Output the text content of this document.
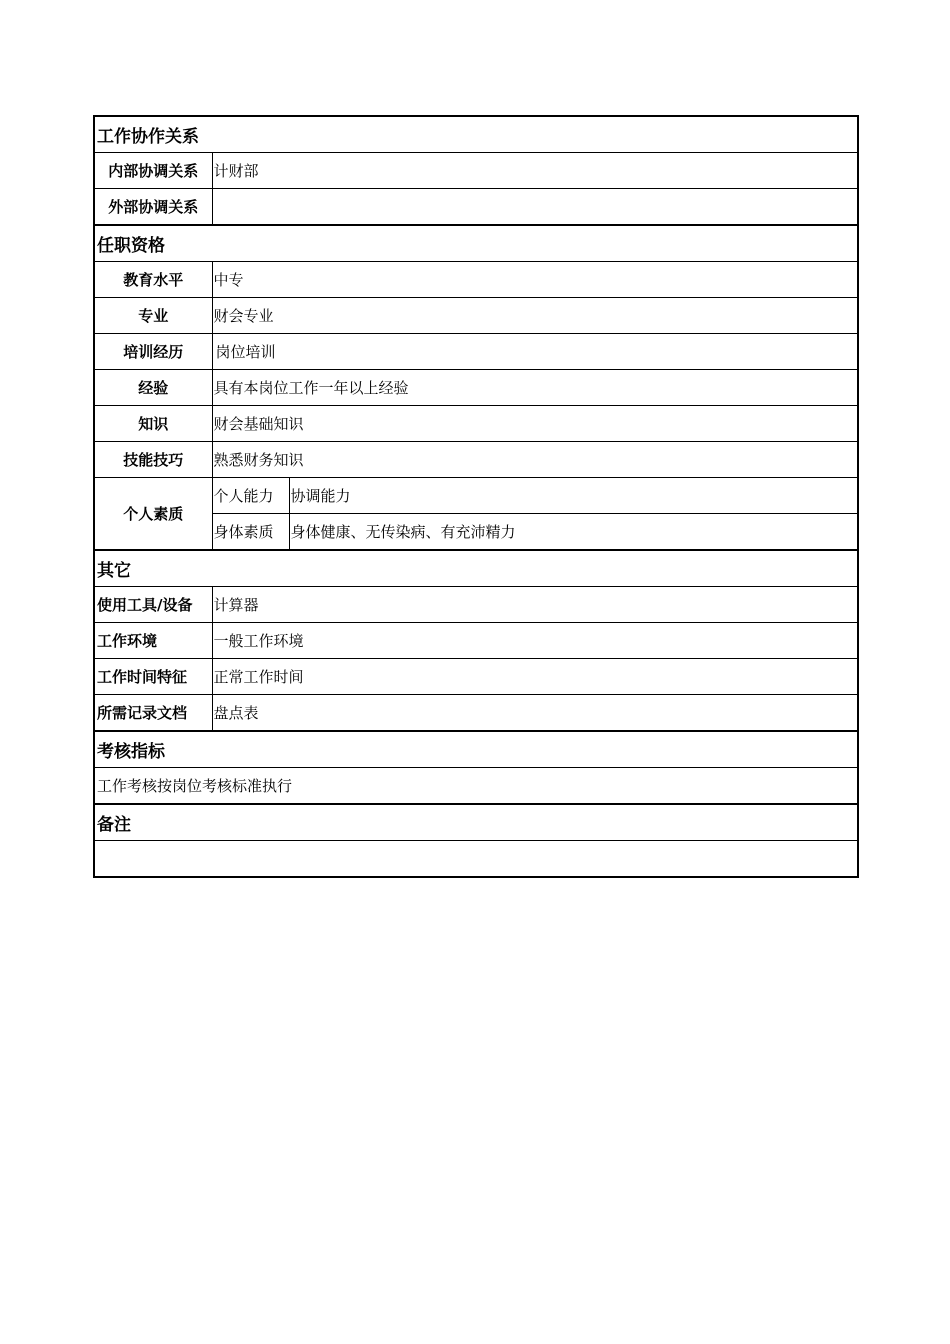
工作协作关系		
内部协调关系	计财部	
外部协调关系		
任职资格		
教育水平	中专	
专业	财会专业	
培训经历	岗位培训	
经验	具有本岗位工作一年以上经验	
知识	财会基础知识	
技能技巧	熟悉财务知识	
个人素质	个人能力	协调能力
	身体素质	身体健康、无传染病、有充沛精力
其它		
使用工具/设备	计算器	
工作环境	一般工作环境	
工作时间特征	正常工作时间	
所需记录文档	盘点表	
考核指标		
工作考核按岗位考核标准执行		
备注		
